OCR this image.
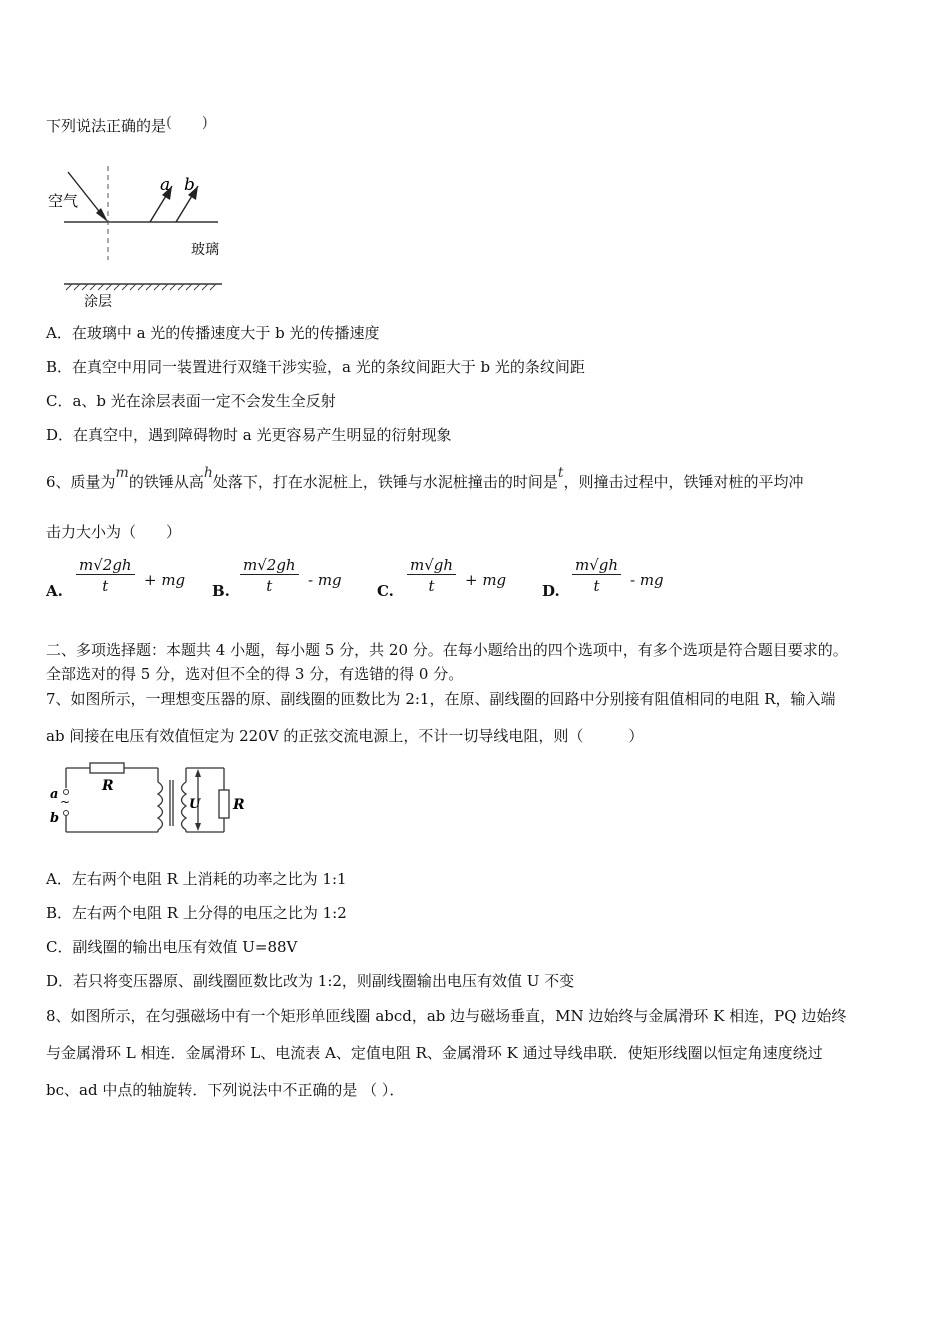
下列说法正确的是(　　)
a b
空气
玻璃
涂层
A．在玻璃中 a 光的传播速度大于 b 光的传播速度
B．在真空中用同一装置进行双缝干涉实验，a 光的条纹间距大于 b 光的条纹间距
C．a、b 光在涂层表面一定不会发生全反射
D．在真空中，遇到障碍物时 a 光更容易产生明显的衍射现象
6、质量为m的铁锤从高h处落下，打在水泥桩上，铁锤与水泥桩撞击的时间是t，则撞击过程中，铁锤对桩的平均冲
击力大小为（　　）
A. $\frac{m√2gh}{t}$ + mg
B. $\frac{m√2gh}{t}$ - mg
C. $\frac{m√gh}{t}$ + mg
D. $\frac{m√gh}{t}$ - mg
二、多项选择题：本题共 4 小题，每小题 5 分，共 20 分。在每小题给出的四个选项中，有多个选项是符合题目要求的。
全部选对的得 5 分，选对但不全的得 3 分，有选错的得 0 分。
7、如图所示，一理想变压器的原、副线圈的匝数比为 2:1，在原、副线圈的回路中分别接有阻值相同的电阻 R，输入端
ab 间接在电压有效值恒定为 220V 的正弦交流电源上，不计一切导线电阻，则（　　　）
~
R
U R
a
b
A．左右两个电阻 R 上消耗的功率之比为 1:1
B．左右两个电阻 R 上分得的电压之比为 1:2
C．副线圈的输出电压有效值 U=88V
D．若只将变压器原、副线圈匝数比改为 1:2，则副线圈输出电压有效值 U 不变
8、如图所示，在匀强磁场中有一个矩形单匝线圈 abcd，ab 边与磁场垂直，MN 边始终与金属滑环 K 相连，PQ 边始终
与金属滑环 L 相连．金属滑环 L、电流表 A、定值电阻 R、金属滑环 K 通过导线串联．使矩形线圈以恒定角速度绕过
bc、ad 中点的轴旋转．下列说法中不正确的是 （ ）．
